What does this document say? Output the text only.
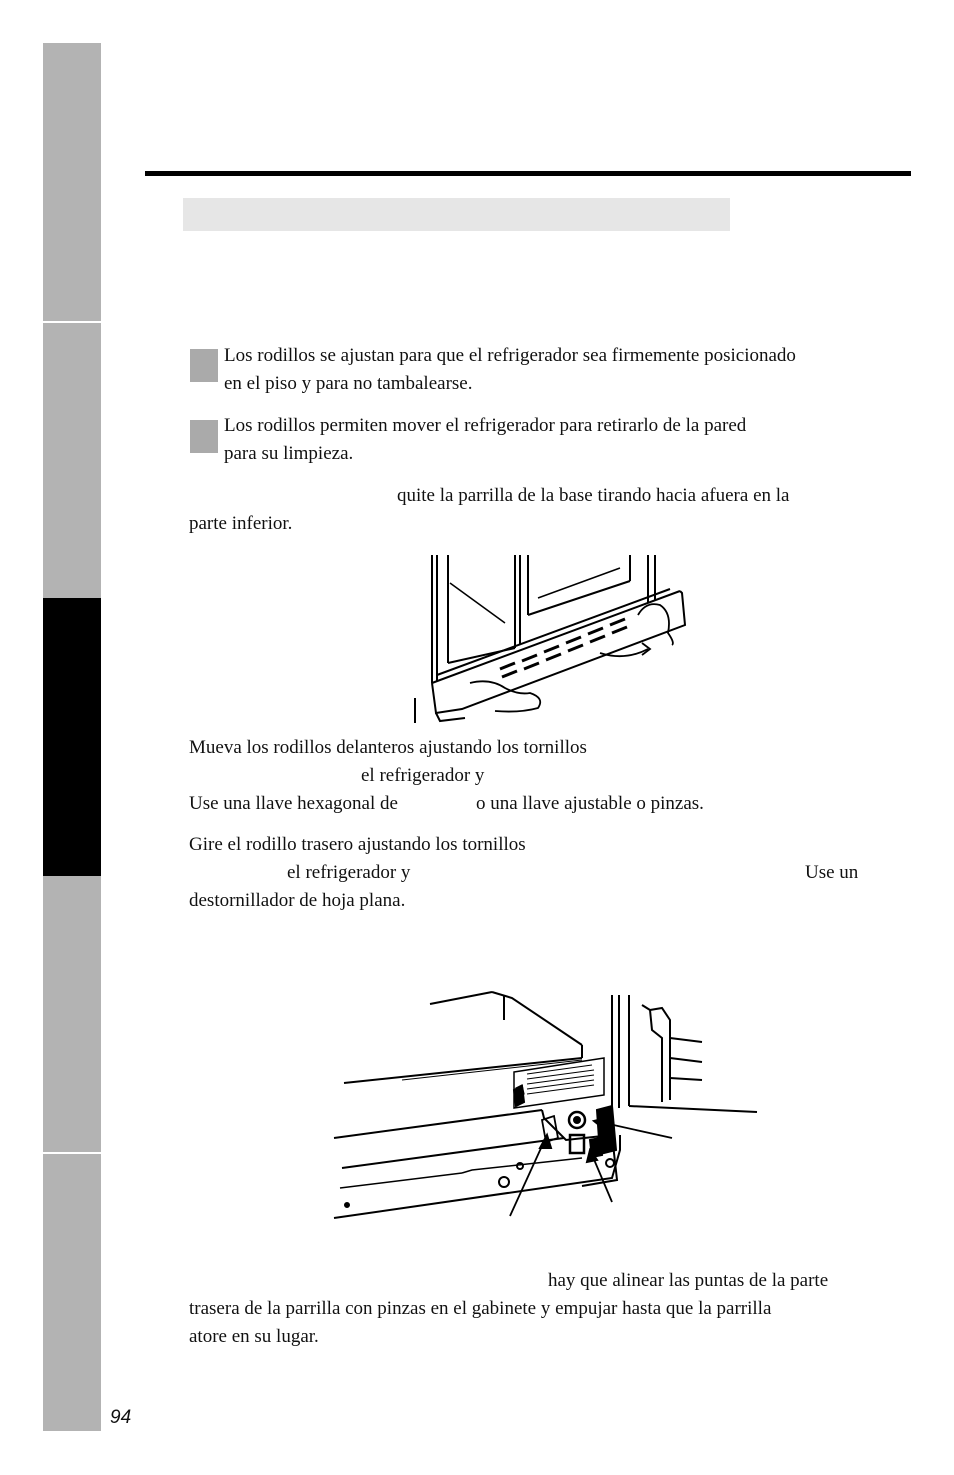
Los rodillos se ajustan para que el refrigerador sea firmemente posicionado

en el piso y para no tambalearse.

Los rodillos permiten mover el refrigerador para retirarlo de la pared

para su limpieza.

quite la parrilla de la base tirando hacia afuera en la

parte inferior.

Mueva los rodillos delanteros ajustando los tornillos

el refrigerador y

Use una llave hexagonal de	o una llave ajustable o pinzas.

Gire el rodillo trasero ajustando los tornillos

el refrigerador y	Use un

destornillador de hoja plana.

hay que alinear las puntas de la parte

trasera de la parrilla con pinzas en el gabinete y empujar hasta que la parrilla

atore en su lugar.

94
